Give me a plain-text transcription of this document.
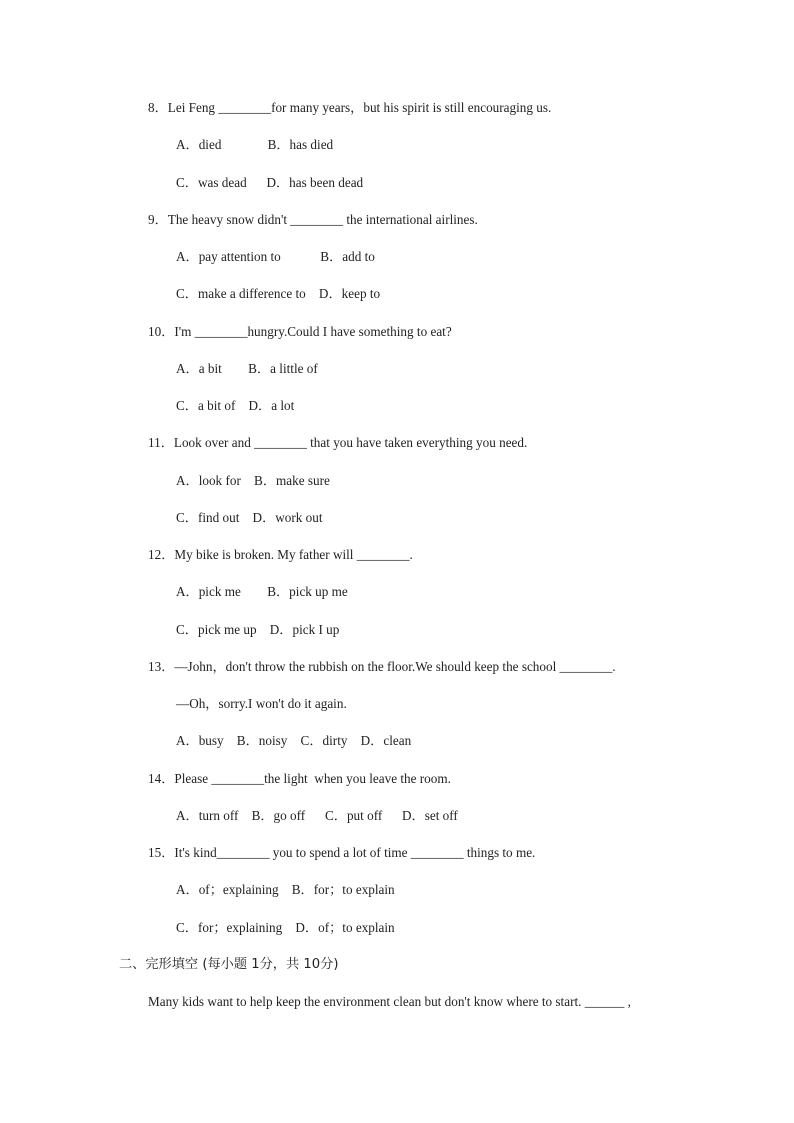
8．Lei Feng ________for many years，but his spirit is still encouraging us.
A．died              B．has died
C．was dead      D．has been dead
9．The heavy snow didn't ________ the international airlines.
A．pay attention to            B．add to
C．make a difference to    D．keep to
10．I'm ________hungry.Could I have something to eat?
A．a bit        B．a little of
C．a bit of    D．a lot
11．Look over and ________ that you have taken everything you need.
A．look for    B．make sure
C．find out    D．work out
12．My bike is broken. My father will ________.
A．pick me        B．pick up me
C．pick me up    D．pick I up
13．—John，don't throw the rubbish on the floor.We should keep the school ________.
—Oh，sorry.I won't do it again.
A．busy    B．noisy    C．dirty    D．clean
14．Please ________the light  when you leave the room.
A．turn off    B．go off      C．put off      D．set off
15．It's kind________ you to spend a lot of time ________ things to me.
A．of；explaining    B．for；to explain
C．for；explaining    D．of；to explain
二、完形填空 (每小题 1分，共 10分)
Many kids want to help keep the environment clean but don't know where to start. ______ ,
